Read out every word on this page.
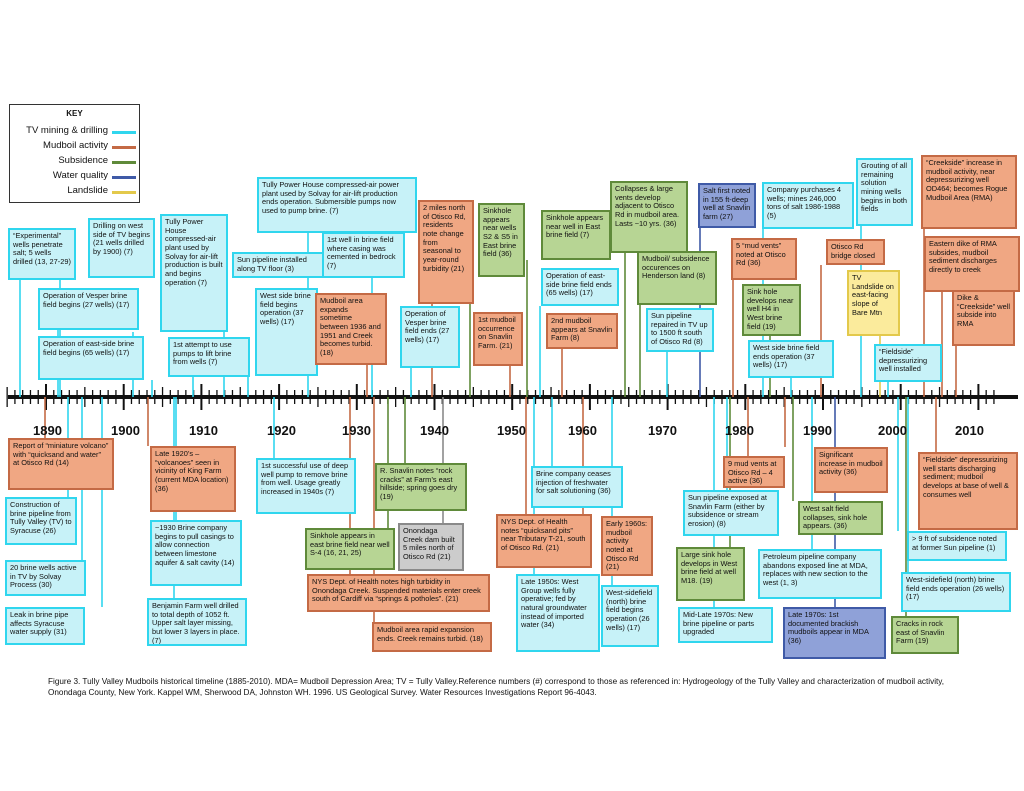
KEY
TV mining & drilling
Mudboil activity
Subsidence
Water quality
Landslide
1890	1900	1910	1920	1930	1940	1950	1960	1970	1980	1990	2000	2010
“Experimental” wells penetrate salt; 5 wells drilled (13, 27-29)
Drilling on west side of TV begins (21 wells drilled by 1900) (7)
Tully Power House compressed-air plant used by Solvay for air-lift production is built and begins operation (7)
Operation of Vesper brine field begins (27 wells) (17)
Operation of east-side brine field begins (65 wells) (17)
1st attempt to use pumps to lift brine from wells (7)
Sun pipeline installed along TV floor (3)
Tully Power House compressed-air power plant used by Solvay for air-lift production ends operation. Submersible pumps now used to pump brine. (7)
West side brine field begins operation (37 wells) (17)
1st well in brine field where casing was cemented in bedrock (7)
Mudboil area expands sometime between 1936 and 1951 and Creek becomes turbid. (18)
Operation of Vesper brine field ends (27 wells) (17)
2 miles north of Otisco Rd, residents note change from seasonal to year-round turbidity (21)
1st mudboil occurrence on Snavlin Farm. (21)
Sinkhole appears near wells S2 & S5 in East brine field (36)
Sinkhole appears near well in East brine field (7)
Operation of east-side brine field ends (65 wells) (17)
2nd mudboil appears at Snavlin Farm (8)
Collapses & large vents develop adjacent to Otisco Rd in mudboil area. Lasts ~10 yrs. (36)
Mudboil/ subsidence occurences on Henderson land (8)
Sun pipeline repaired in TV up to 1500 ft south of Otisco Rd (8)
Salt first noted in 155 ft-deep well at Snavlin farm (27)
5 “mud vents” noted at Otisco Rd (36)
Company purchases 4 wells; mines 246,000 tons of salt 1986-1988 (5)
Sink hole develops near well H4 in West brine field (19)
West side brine field ends operation (37 wells) (17)
Grouting of all remaining solution mining wells begins in both fields
Otisco Rd bridge closed
TV Landslide on east-facing slope of Bare Mtn
“Creekside” increase in mudboil activity, near depressurizing well OD464; becomes Rogue Mudboil Area (RMA)
Eastern dike of RMA subsides, mudboil sediment discharges directly to creek
Dike & “Creekside” well subside into RMA
“Fieldside” depressurizing well installed
Report of “miniature volcano” with “quicksand and water” at Otisco Rd (14)
Construction of brine pipeline from Tully Valley (TV) to Syracuse (26)
20 brine wells active in TV by Solvay Process (30)
Leak in brine pipe affects Syracuse water supply (31)
Late 1920’s – “volcanoes” seen in vicinity of King Farm (current MDA location) (36)
~1930 Brine company begins to pull casings to allow connection between limestone aquifer & salt cavity (14)
Benjamin Farm well drilled to total depth of 1052 ft. Upper salt layer missing, but lower 3 layers in place. (7)
1st successful use of deep well pump to remove brine from well. Usage greatly increased in 1940s (7)
R. Snavlin notes “rock cracks” at Farm’s east hillside; spring goes dry (19)
Sinkhole appears in east brine field near well S-4 (16, 21, 25)
Onondaga Creek dam built 5 miles north of Otisco Rd (21)
NYS Dept. of Health notes high turbidity in Onondaga Creek. Suspended materials enter creek south of Cardiff via “springs & potholes”. (21)
Mudboil area rapid expansion ends. Creek remains turbid. (18)
Brine company ceases injection of freshwater for salt solutioning (36)
NYS Dept. of Health notes “quicksand pits” near Tributary T-21, south of Otisco Rd. (21)
Early 1960s: mudboil activity noted at Otisco Rd (21)
Late 1950s: West Group wells fully operative; fed by natural groundwater instead of imported water (34)
West-sidefield (north) brine field begins operation (26 wells) (17)
9 mud vents at Otisco Rd – 4 active (36)
Sun pipeline exposed at Snavlin Farm (either by subsidence or stream erosion) (8)
Large sink hole develops in West brine field at well M18. (19)
Mid-Late 1970s: New brine pipeline or parts upgraded
Significant increase in mudboil activity (36)
West salt field collapses, sink hole appears. (36)
Petroleum pipeline company abandons exposed line at MDA, replaces with new section to the west (1, 3)
Late 1970s: 1st documented brackish mudboils appear in MDA (36)
“Fieldside” depressurizing well starts discharging sediment; mudboil develops at base of well & consumes well
> 9 ft of subsidence noted at former Sun pipeline (1)
West-sidefield (north) brine field ends operation (26 wells) (17)
Cracks in rock east of Snavlin Farm (19)
Figure 3. Tully Valley Mudboils historical timeline (1885-2010). MDA= Mudboil Depression Area; TV = Tully Valley.Reference numbers (#) correspond to those as referenced in: Hydrogeology of the Tully Valley and characterization of mudboil activity, Onondaga County, New York. Kappel WM, Sherwood DA, Johnston WH. 1996. US Geological Survey. Water Resources Investigations Report 96-4043.
